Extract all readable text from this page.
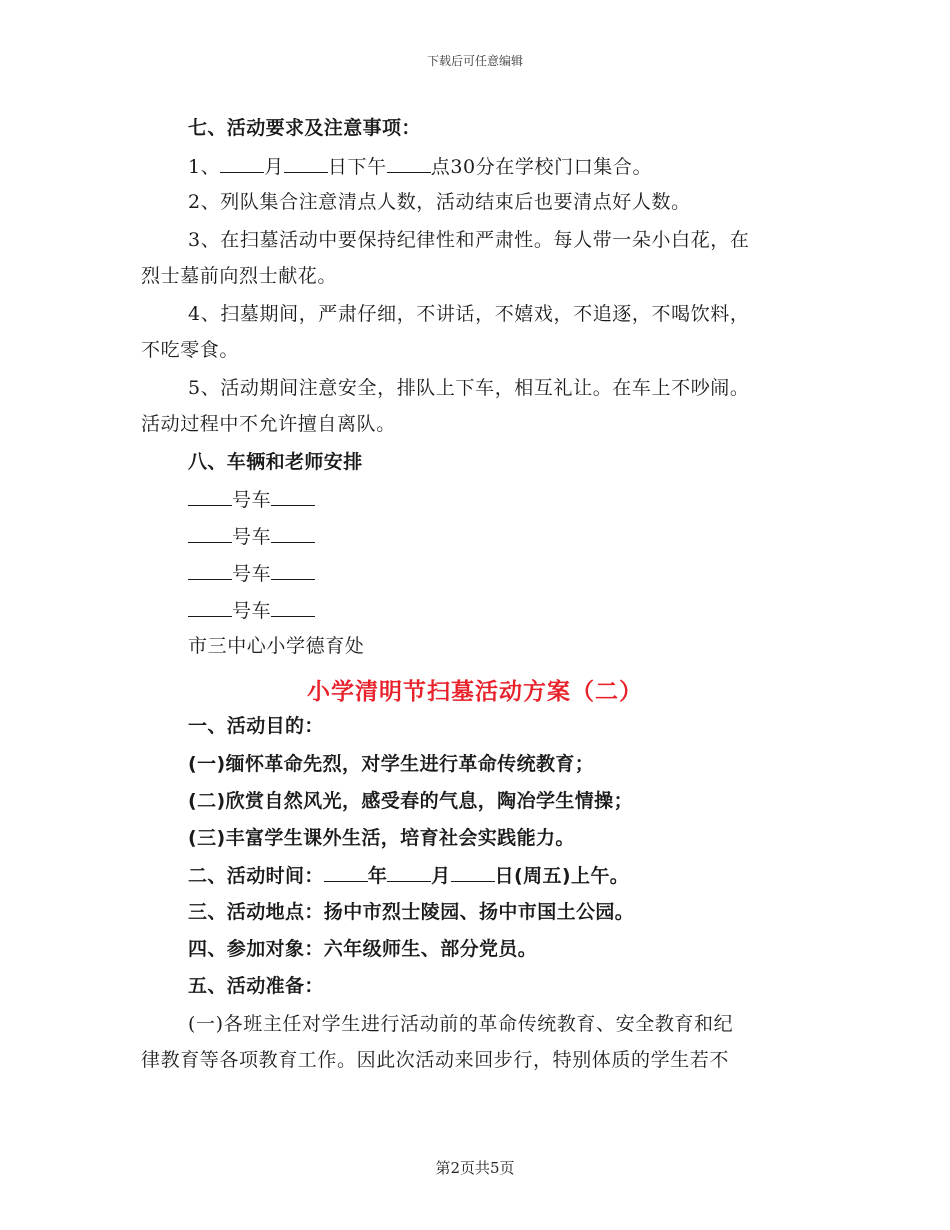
下载后可任意编辑
七、活动要求及注意事项：
1、 月 日下午 点30分在学校门口集合。
2、列队集合注意清点人数，活动结束后也要清点好人数。
3、在扫墓活动中要保持纪律性和严肃性。每人带一朵小白花，在
烈士墓前向烈士献花。
4、扫墓期间，严肃仔细，不讲话，不嬉戏，不追逐，不喝饮料，
不吃零食。
5、活动期间注意安全，排队上下车，相互礼让。在车上不吵闹。
活动过程中不允许擅自离队。
八、车辆和老师安排
号车
号车
号车
号车
市三中心小学德育处
小学清明节扫墓活动方案（二）
一、活动目的：
(一)缅怀革命先烈，对学生进行革命传统教育；
(二)欣赏自然风光，感受春的气息，陶冶学生情操；
(三)丰富学生课外生活，培育社会实践能力。
二、活动时间： 年 月 日(周五)上午。
三、活动地点：扬中市烈士陵园、扬中市国土公园。
四、参加对象：六年级师生、部分党员。
五、活动准备：
(一)各班主任对学生进行活动前的革命传统教育、安全教育和纪
律教育等各项教育工作。因此次活动来回步行，特别体质的学生若不
第2页共5页
